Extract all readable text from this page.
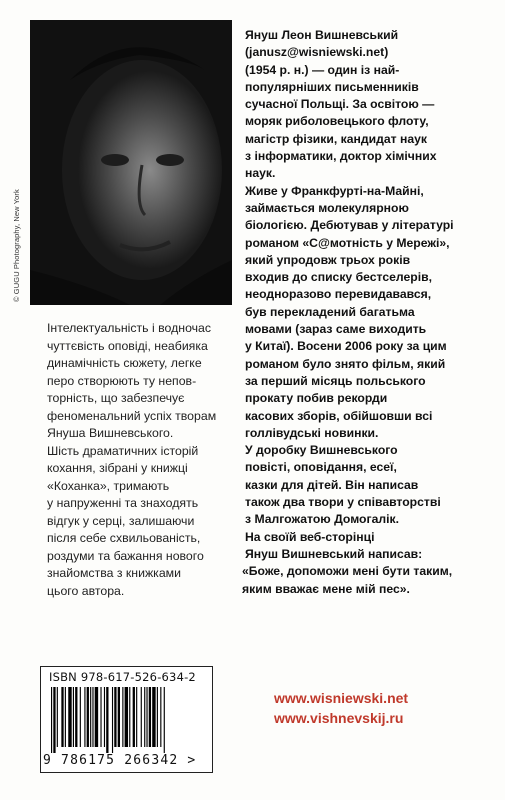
© GUGU Photography, New York

Януш Леон Вишневський
(janusz@wisniewski.net)
(1954 р. н.) — один із най-
популярніших письменників
сучасної Польщі. За освітою —
моряк риболовецького флоту,
магістр фізики, кандидат наук
з інформатики, доктор хімічних
наук.

Живе у Франкфурті-на-Майні,
займається молекулярною
біологією. Дебютував у літературі
романом «С@мотність у Мережі»,
який упродовж трьох років
входив до списку бестселерів,
неодноразово перевидавався,
був перекладений багатьма
мовами (зараз саме виходить
у Китаї). Восени 2006 року за цим
романом було знято фільм, який
за перший місяць польського
прокату побив рекорди
касових зборів, обійшовши всі
голлівудські новинки.

У доробку Вишневського
повісті, оповідання, есеї,
казки для дітей. Він написав
також два твори у співавторстві
з Малгожатою Домогалік.

На своїй веб-сторінці
Януш Вишневський написав:

«Боже, допоможи мені бути таким,
яким вважає мене мій пес».

Інтелектуальність і водночас
чуттєвість оповіді, неабияка
динамічність сюжету, легке
перо створюють ту непов-
торність, що забезпечує
феноменальний успіх творам
Януша Вишневського.
Шість драматичних історій
кохання, зібрані у книжці
«Коханка», тримають
у напруженні та знаходять
відгук у серці, залишаючи
після себе схвильованість,
роздуми та бажання нового
знайомства з книжками
цього автора.
ISBN 978-617-526-634-2
9 786175 266342 >
www.wisniewski.net
www.vishnevskij.ru
